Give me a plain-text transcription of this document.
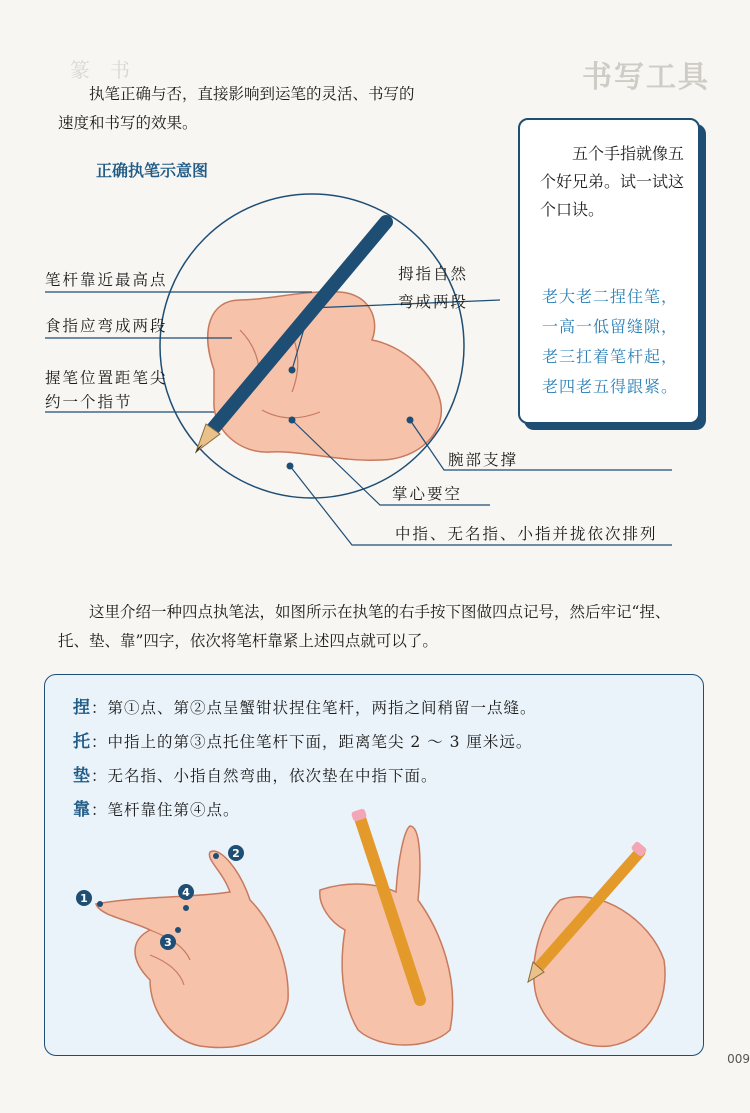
篆　书	书写工具
执笔正确与否，直接影响到运笔的灵活、书写的速度和书写的效果。
正确执笔示意图
五个手指就像五个好兄弟。试一试这个口诀。
老大老二捏住笔，
一高一低留缝隙，
老三扛着笔杆起，
老四老五得跟紧。
笔杆靠近最高点
食指应弯成两段
握笔位置距笔尖
约一个指节
拇指自然
弯成两段
腕部支撑
掌心要空
中指、无名指、小指并拢依次排列
这里介绍一种四点执笔法，如图所示在执笔的右手按下图做四点记号，然后牢记“捏、托、垫、靠”四字，依次将笔杆靠紧上述四点就可以了。
捏：第①点、第②点呈蟹钳状捏住笔杆，两指之间稍留一点缝。
托：中指上的第③点托住笔杆下面，距离笔尖 2 ～ 3 厘米远。
垫：无名指、小指自然弯曲，依次垫在中指下面。
靠：笔杆靠住第④点。
1
2
3
4
009
